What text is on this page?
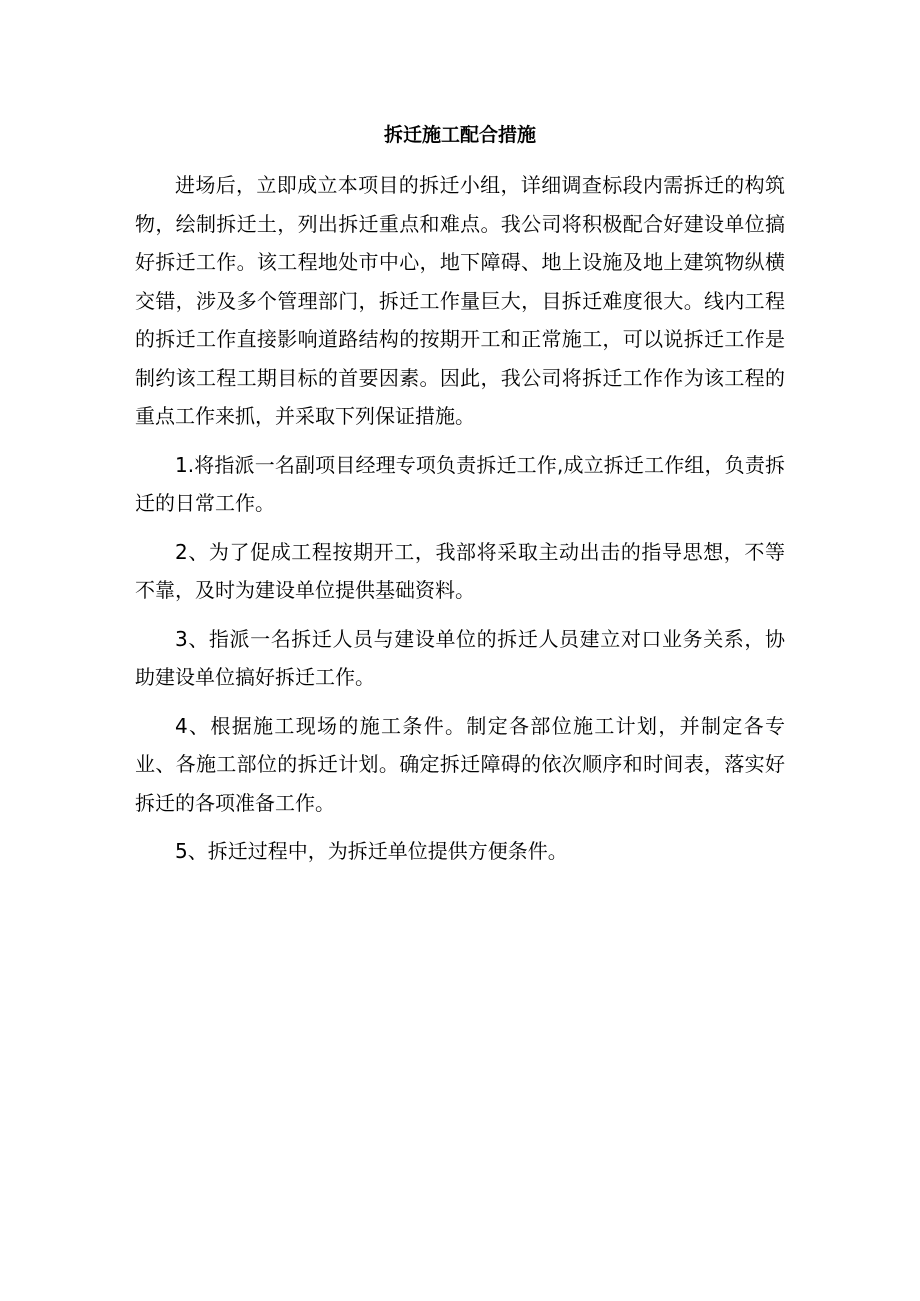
拆迁施工配合措施

进场后，立即成立本项目的拆迁小组，详细调查标段内需拆迁的构筑物，绘制拆迁土，列出拆迁重点和难点。我公司将积极配合好建设单位搞好拆迁工作。该工程地处市中心，地下障碍、地上设施及地上建筑物纵横交错，涉及多个管理部门，拆迁工作量巨大，目拆迁难度很大。线内工程的拆迁工作直接影响道路结构的按期开工和正常施工，可以说拆迁工作是制约该工程工期目标的首要因素。因此，我公司将拆迁工作作为该工程的重点工作来抓，并采取下列保证措施。

1.将指派一名副项目经理专项负责拆迁工作,成立拆迁工作组，负责拆迁的日常工作。

2、为了促成工程按期开工，我部将采取主动出击的指导思想，不等不靠，及时为建设单位提供基础资料。

3、指派一名拆迁人员与建设单位的拆迁人员建立对口业务关系，协助建设单位搞好拆迁工作。

4、根据施工现场的施工条件。制定各部位施工计划，并制定各专业、各施工部位的拆迁计划。确定拆迁障碍的依次顺序和时间表，落实好拆迁的各项准备工作。

5、拆迁过程中，为拆迁单位提供方便条件。
